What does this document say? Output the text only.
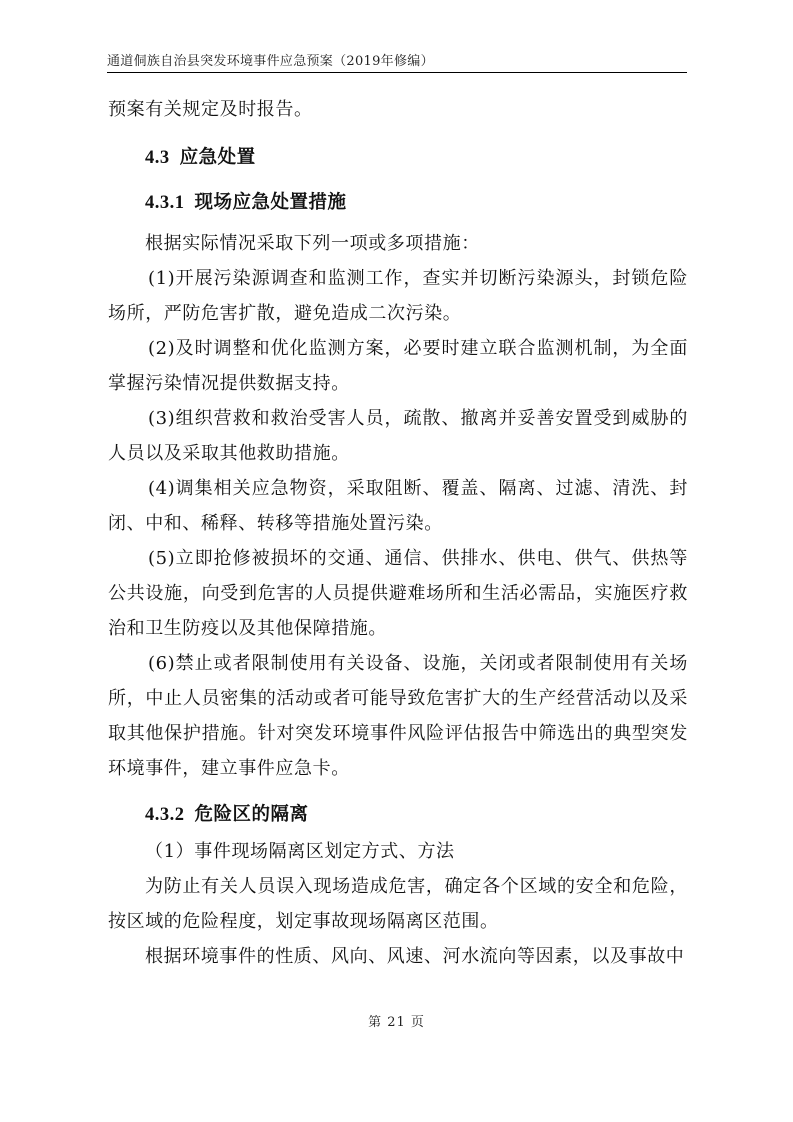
通道侗族自治县突发环境事件应急预案（2019年修编）

预案有关规定及时报告。

4.3 应急处置
4.3.1 现场应急处置措施

根据实际情况采取下列一项或多项措施：

(1)开展污染源调查和监测工作，查实并切断污染源头，封锁危险场所，严防危害扩散，避免造成二次污染。

(2)及时调整和优化监测方案，必要时建立联合监测机制，为全面掌握污染情况提供数据支持。

(3)组织营救和救治受害人员，疏散、撤离并妥善安置受到威胁的人员以及采取其他救助措施。

(4)调集相关应急物资，采取阻断、覆盖、隔离、过滤、清洗、封闭、中和、稀释、转移等措施处置污染。

(5)立即抢修被损坏的交通、通信、供排水、供电、供气、供热等公共设施，向受到危害的人员提供避难场所和生活必需品，实施医疗救治和卫生防疫以及其他保障措施。

(6)禁止或者限制使用有关设备、设施，关闭或者限制使用有关场所，中止人员密集的活动或者可能导致危害扩大的生产经营活动以及采取其他保护措施。针对突发环境事件风险评估报告中筛选出的典型突发环境事件，建立事件应急卡。

4.3.2 危险区的隔离

（1）事件现场隔离区划定方式、方法

为防止有关人员误入现场造成危害，确定各个区域的安全和危险，按区域的危险程度，划定事故现场隔离区范围。

根据环境事件的性质、风向、风速、河水流向等因素，以及事故中

第 21 页
